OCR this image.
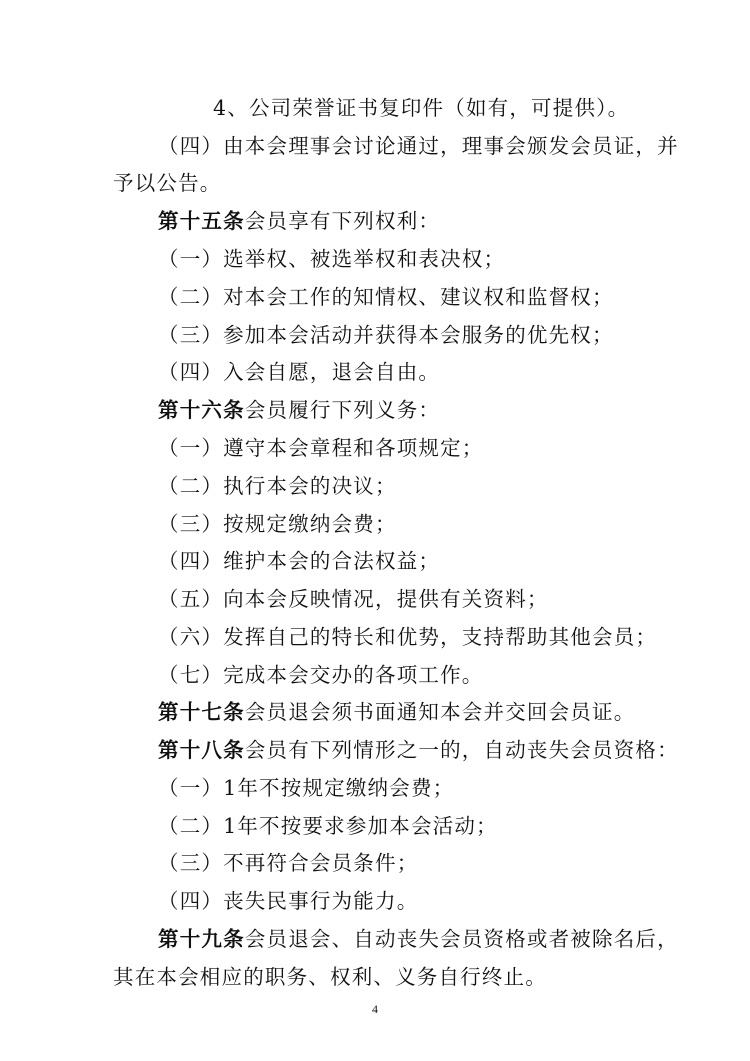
4、公司荣誉证书复印件（如有，可提供）。
（四）由本会理事会讨论通过，理事会颁发会员证，并
予以公告。
第十五条会员享有下列权利：
（一）选举权、被选举权和表决权；
（二）对本会工作的知情权、建议权和监督权；
（三）参加本会活动并获得本会服务的优先权；
（四）入会自愿，退会自由。
第十六条会员履行下列义务：
（一）遵守本会章程和各项规定；
（二）执行本会的决议；
（三）按规定缴纳会费；
（四）维护本会的合法权益；
（五）向本会反映情况，提供有关资料；
（六）发挥自己的特长和优势，支持帮助其他会员；
（七）完成本会交办的各项工作。
第十七条会员退会须书面通知本会并交回会员证。
第十八条会员有下列情形之一的，自动丧失会员资格：
（一）1年不按规定缴纳会费；
（二）1年不按要求参加本会活动；
（三）不再符合会员条件；
（四）丧失民事行为能力。
第十九条会员退会、自动丧失会员资格或者被除名后，
其在本会相应的职务、权利、义务自行终止。
4
